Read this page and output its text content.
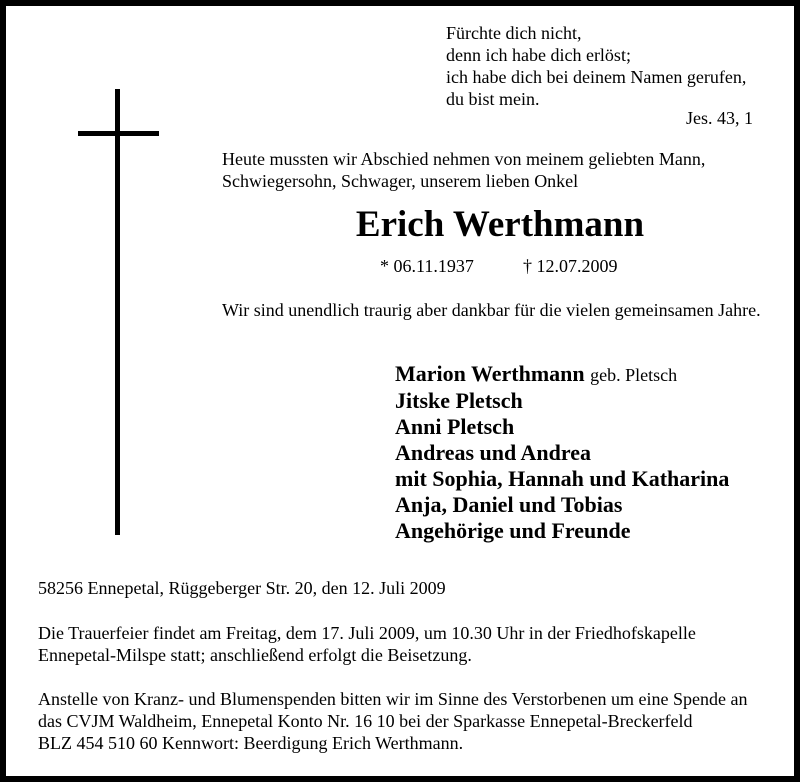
Fürchte dich nicht,
denn ich habe dich erlöst;
ich habe dich bei deinem Namen gerufen,
du bist mein.
Jes. 43, 1
Heute mussten wir Abschied nehmen von meinem geliebten Mann,
Schwiegersohn, Schwager, unserem lieben Onkel
Erich Werthmann
* 06.11.1937	† 12.07.2009
Wir sind unendlich traurig aber dankbar für die vielen gemeinsamen Jahre.
Marion Werthmann geb. Pletsch
Jitske Pletsch
Anni Pletsch
Andreas und Andrea
mit Sophia, Hannah und Katharina
Anja, Daniel und Tobias
Angehörige und Freunde
58256 Ennepetal, Rüggeberger Str. 20, den 12. Juli 2009
Die Trauerfeier findet am Freitag, dem 17. Juli 2009, um 10.30 Uhr in der Friedhofskapelle
Ennepetal-Milspe statt; anschließend erfolgt die Beisetzung.
Anstelle von Kranz- und Blumenspenden bitten wir im Sinne des Verstorbenen um eine Spende an
das CVJM Waldheim, Ennepetal Konto Nr. 16 10 bei der Sparkasse Ennepetal-Breckerfeld
BLZ 454 510 60 Kennwort: Beerdigung Erich Werthmann.
